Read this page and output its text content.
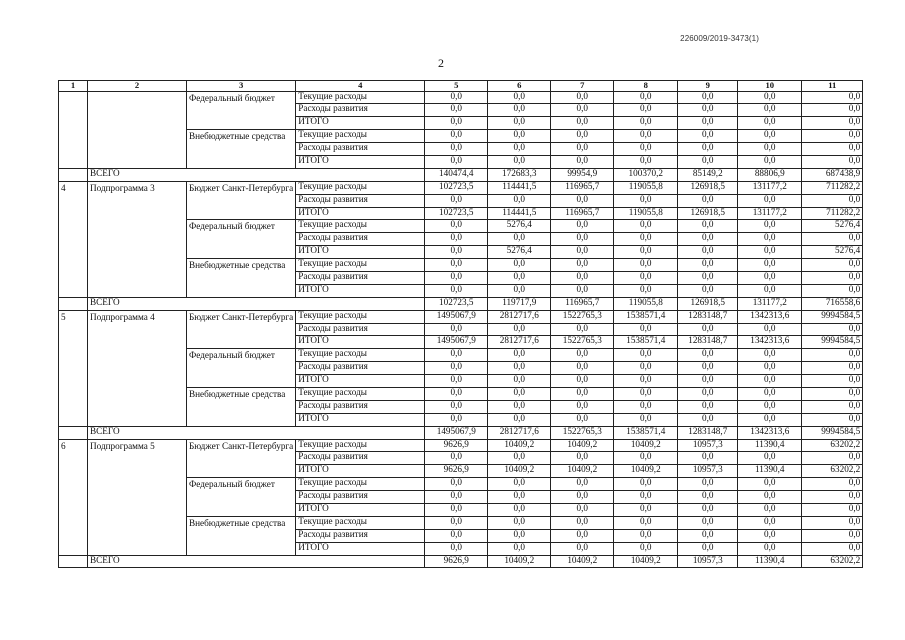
226009/2019-3473(1)
2
1	2	3	4	5	6	7	8	9	10	11
		Федеральный бюджет	Текущие расходы	0,0	0,0	0,0	0,0	0,0	0,0	0,0
			Расходы развития	0,0	0,0	0,0	0,0	0,0	0,0	0,0
			ИТОГО	0,0	0,0	0,0	0,0	0,0	0,0	0,0
		Внебюджетные средства	Текущие расходы	0,0	0,0	0,0	0,0	0,0	0,0	0,0
			Расходы развития	0,0	0,0	0,0	0,0	0,0	0,0	0,0
			ИТОГО	0,0	0,0	0,0	0,0	0,0	0,0	0,0
	ВСЕГО			140474,4	172683,3	99954,9	100370,2	85149,2	88806,9	687438,9
4	Подпрограмма 3	Бюджет Санкт-Петербурга	Текущие расходы	102723,5	114441,5	116965,7	119055,8	126918,5	131177,2	711282,2
			Расходы развития	0,0	0,0	0,0	0,0	0,0	0,0	0,0
			ИТОГО	102723,5	114441,5	116965,7	119055,8	126918,5	131177,2	711282,2
		Федеральный бюджет	Текущие расходы	0,0	5276,4	0,0	0,0	0,0	0,0	5276,4
			Расходы развития	0,0	0,0	0,0	0,0	0,0	0,0	0,0
			ИТОГО	0,0	5276,4	0,0	0,0	0,0	0,0	5276,4
		Внебюджетные средства	Текущие расходы	0,0	0,0	0,0	0,0	0,0	0,0	0,0
			Расходы развития	0,0	0,0	0,0	0,0	0,0	0,0	0,0
			ИТОГО	0,0	0,0	0,0	0,0	0,0	0,0	0,0
	ВСЕГО			102723,5	119717,9	116965,7	119055,8	126918,5	131177,2	716558,6
5	Подпрограмма 4	Бюджет Санкт-Петербурга	Текущие расходы	1495067,9	2812717,6	1522765,3	1538571,4	1283148,7	1342313,6	9994584,5
			Расходы развития	0,0	0,0	0,0	0,0	0,0	0,0	0,0
			ИТОГО	1495067,9	2812717,6	1522765,3	1538571,4	1283148,7	1342313,6	9994584,5
		Федеральный бюджет	Текущие расходы	0,0	0,0	0,0	0,0	0,0	0,0	0,0
			Расходы развития	0,0	0,0	0,0	0,0	0,0	0,0	0,0
			ИТОГО	0,0	0,0	0,0	0,0	0,0	0,0	0,0
		Внебюджетные средства	Текущие расходы	0,0	0,0	0,0	0,0	0,0	0,0	0,0
			Расходы развития	0,0	0,0	0,0	0,0	0,0	0,0	0,0
			ИТОГО	0,0	0,0	0,0	0,0	0,0	0,0	0,0
	ВСЕГО			1495067,9	2812717,6	1522765,3	1538571,4	1283148,7	1342313,6	9994584,5
6	Подпрограмма 5	Бюджет Санкт-Петербурга	Текущие расходы	9626,9	10409,2	10409,2	10409,2	10957,3	11390,4	63202,2
			Расходы развития	0,0	0,0	0,0	0,0	0,0	0,0	0,0
			ИТОГО	9626,9	10409,2	10409,2	10409,2	10957,3	11390,4	63202,2
		Федеральный бюджет	Текущие расходы	0,0	0,0	0,0	0,0	0,0	0,0	0,0
			Расходы развития	0,0	0,0	0,0	0,0	0,0	0,0	0,0
			ИТОГО	0,0	0,0	0,0	0,0	0,0	0,0	0,0
		Внебюджетные средства	Текущие расходы	0,0	0,0	0,0	0,0	0,0	0,0	0,0
			Расходы развития	0,0	0,0	0,0	0,0	0,0	0,0	0,0
			ИТОГО	0,0	0,0	0,0	0,0	0,0	0,0	0,0
	ВСЕГО			9626,9	10409,2	10409,2	10409,2	10957,3	11390,4	63202,2
